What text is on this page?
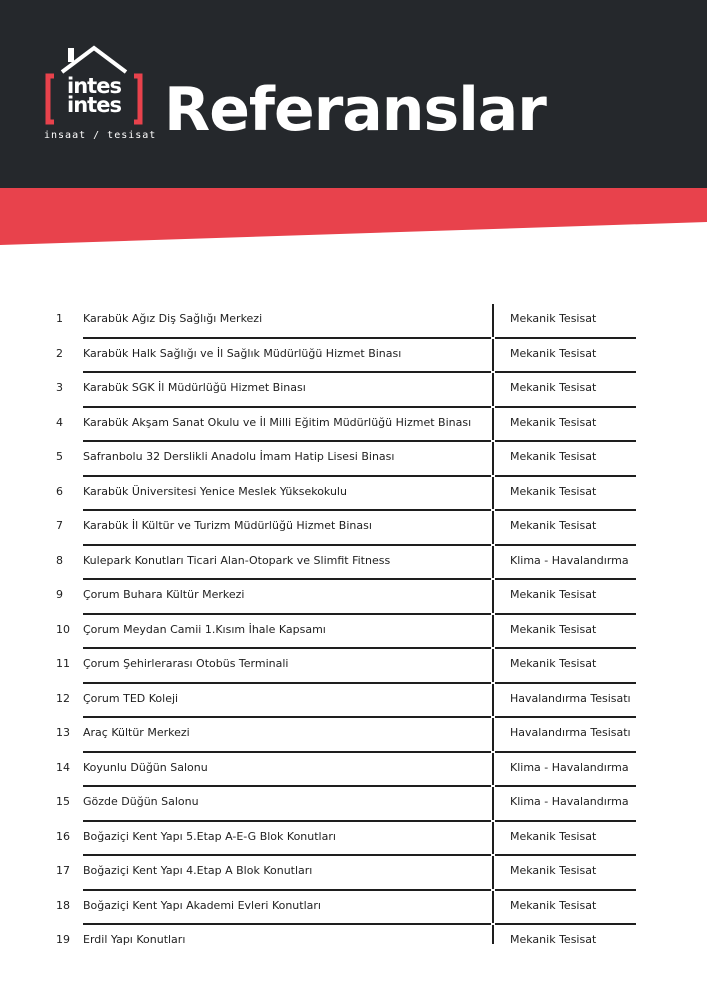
intes
intes
insaat / tesisat Referanslar
1	Karabük Ağız Diş Sağlığı Merkezi	Mekanik Tesisat
2	Karabük Halk Sağlığı ve İl Sağlık Müdürlüğü Hizmet Binası	Mekanik Tesisat
3	Karabük SGK İl Müdürlüğü Hizmet Binası	Mekanik Tesisat
4	Karabük Akşam Sanat Okulu ve İl Milli Eğitim Müdürlüğü Hizmet Binası	Mekanik Tesisat
5	Safranbolu 32 Derslikli Anadolu İmam Hatip Lisesi Binası	Mekanik Tesisat
6	Karabük Üniversitesi Yenice Meslek Yüksekokulu	Mekanik Tesisat
7	Karabük İl Kültür ve Turizm Müdürlüğü Hizmet Binası	Mekanik Tesisat
8	Kulepark Konutları Ticari Alan-Otopark ve Slimfit Fitness	Klima - Havalandırma
9	Çorum Buhara Kültür Merkezi	Mekanik Tesisat
10	Çorum Meydan Camii 1.Kısım İhale Kapsamı	Mekanik Tesisat
11	Çorum Şehirlerarası Otobüs Terminali	Mekanik Tesisat
12	Çorum TED Koleji	Havalandırma Tesisatı
13	Araç Kültür Merkezi	Havalandırma Tesisatı
14	Koyunlu Düğün Salonu	Klima - Havalandırma
15	Gözde Düğün Salonu	Klima - Havalandırma
16	Boğaziçi Kent Yapı 5.Etap A-E-G Blok Konutları	Mekanik Tesisat
17	Boğaziçi Kent Yapı 4.Etap A Blok Konutları	Mekanik Tesisat
18	Boğaziçi Kent Yapı Akademi Evleri Konutları	Mekanik Tesisat
19	Erdil Yapı Konutları	Mekanik Tesisat
